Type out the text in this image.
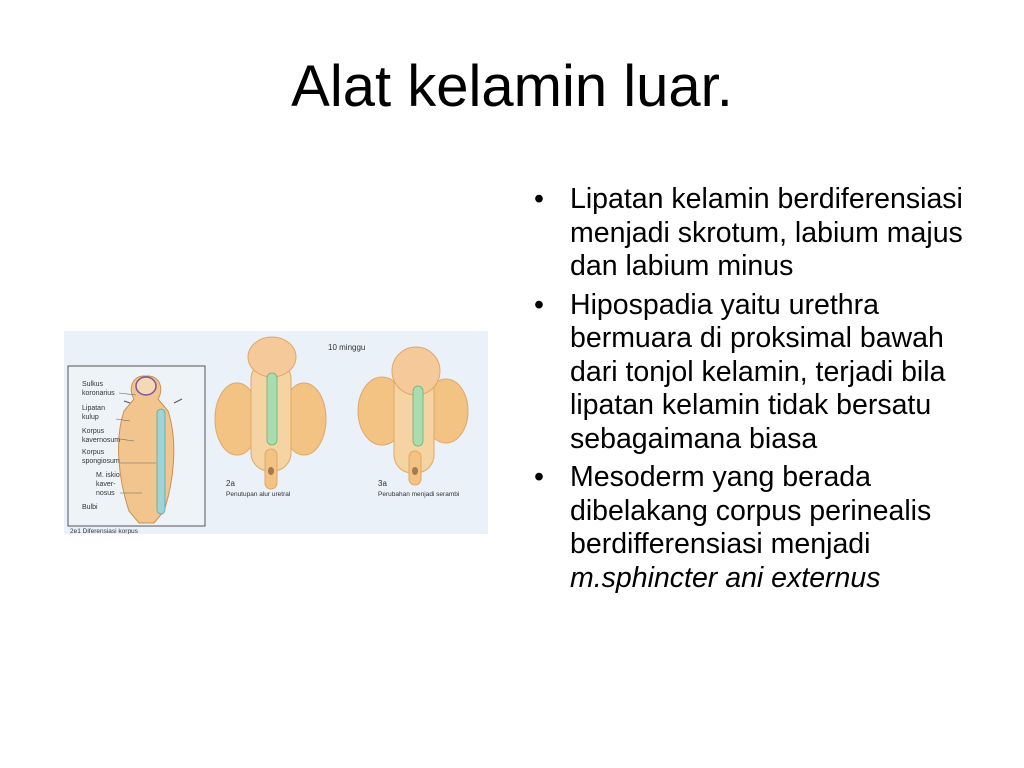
Alat kelamin luar.
Sulkus
koronarius
Lipatan
kulup
Korpus
kavernosum
Korpus
spongiosum
M. iskio
kaver-
nosus
Bulbi
2e1 Diferensiasi korpus
10 minggu
2a
Penutupan alur uretral
3a
Perubahan menjadi serambi
• Lipatan kelamin berdiferensiasi menjadi skrotum, labium majus dan labium minus
• Hipospadia yaitu urethra bermuara di proksimal bawah dari tonjol kelamin, terjadi bila lipatan kelamin tidak bersatu sebagaimana biasa
• Mesoderm yang berada dibelakang corpus perinealis berdifferensiasi menjadi m.sphincter ani externus
